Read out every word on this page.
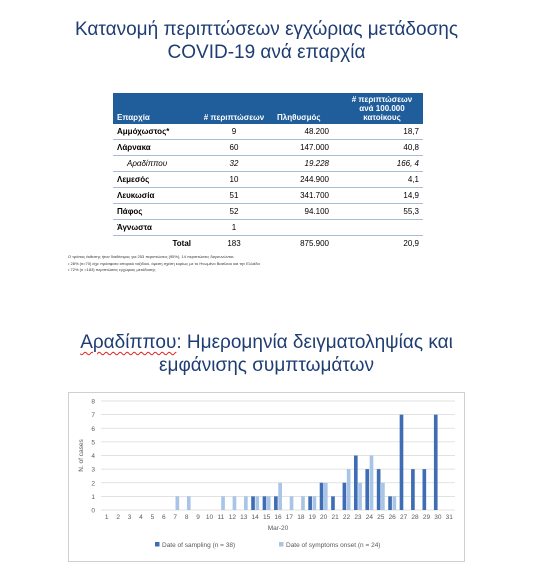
Κατανομή περιπτώσεων εγχώριας μετάδοσης
COVID-19 ανά επαρχία
Επαρχία	# περιπτώσεων	Πληθυσμός	# περιπτώσεων ανά 100.000 κατοίκους
Αμμόχωστος*	9	48.200	18,7
Λάρνακα	60	147.000	40,8
Αραδίππου	32	19.228	166, 4
Λεμεσός	10	244.900	4,1
Λευκωσία	51	341.700	14,9
Πάφος	52	94.100	55,3
Άγνωστα	1		
Total	183	875.900	20,9
Ο τρόπος έκθεσης ήταν διαθέσιμος για 253 περιπτώσεις (95%), 14 περιπτώσεις διερευνώνται.
• 28% (n=70) είχε πρόσφατο ιστορικό ταξιδιού, άμεση σχέση κυρίως με το Ηνωμένο Βασίλειο και την Ελλάδα
• 72% (n =183) περιπτώσεις εγχώριας μετάδοσης
Αραδίππου: Ημερομηνία δειγματοληψίας και
εμφάνισης συμπτωμάτων
0
1
2
3
4
5
6
7
8
N. of cases
1 2 3 4 5 6 7 8 9 10 11 12 13 14 15 16 17 18 19 20 21 22 23 24 25 26 27 28 29 30 31
Mar-20
Date of sampling (n = 38)	Date of symptoms onset (n = 24)
